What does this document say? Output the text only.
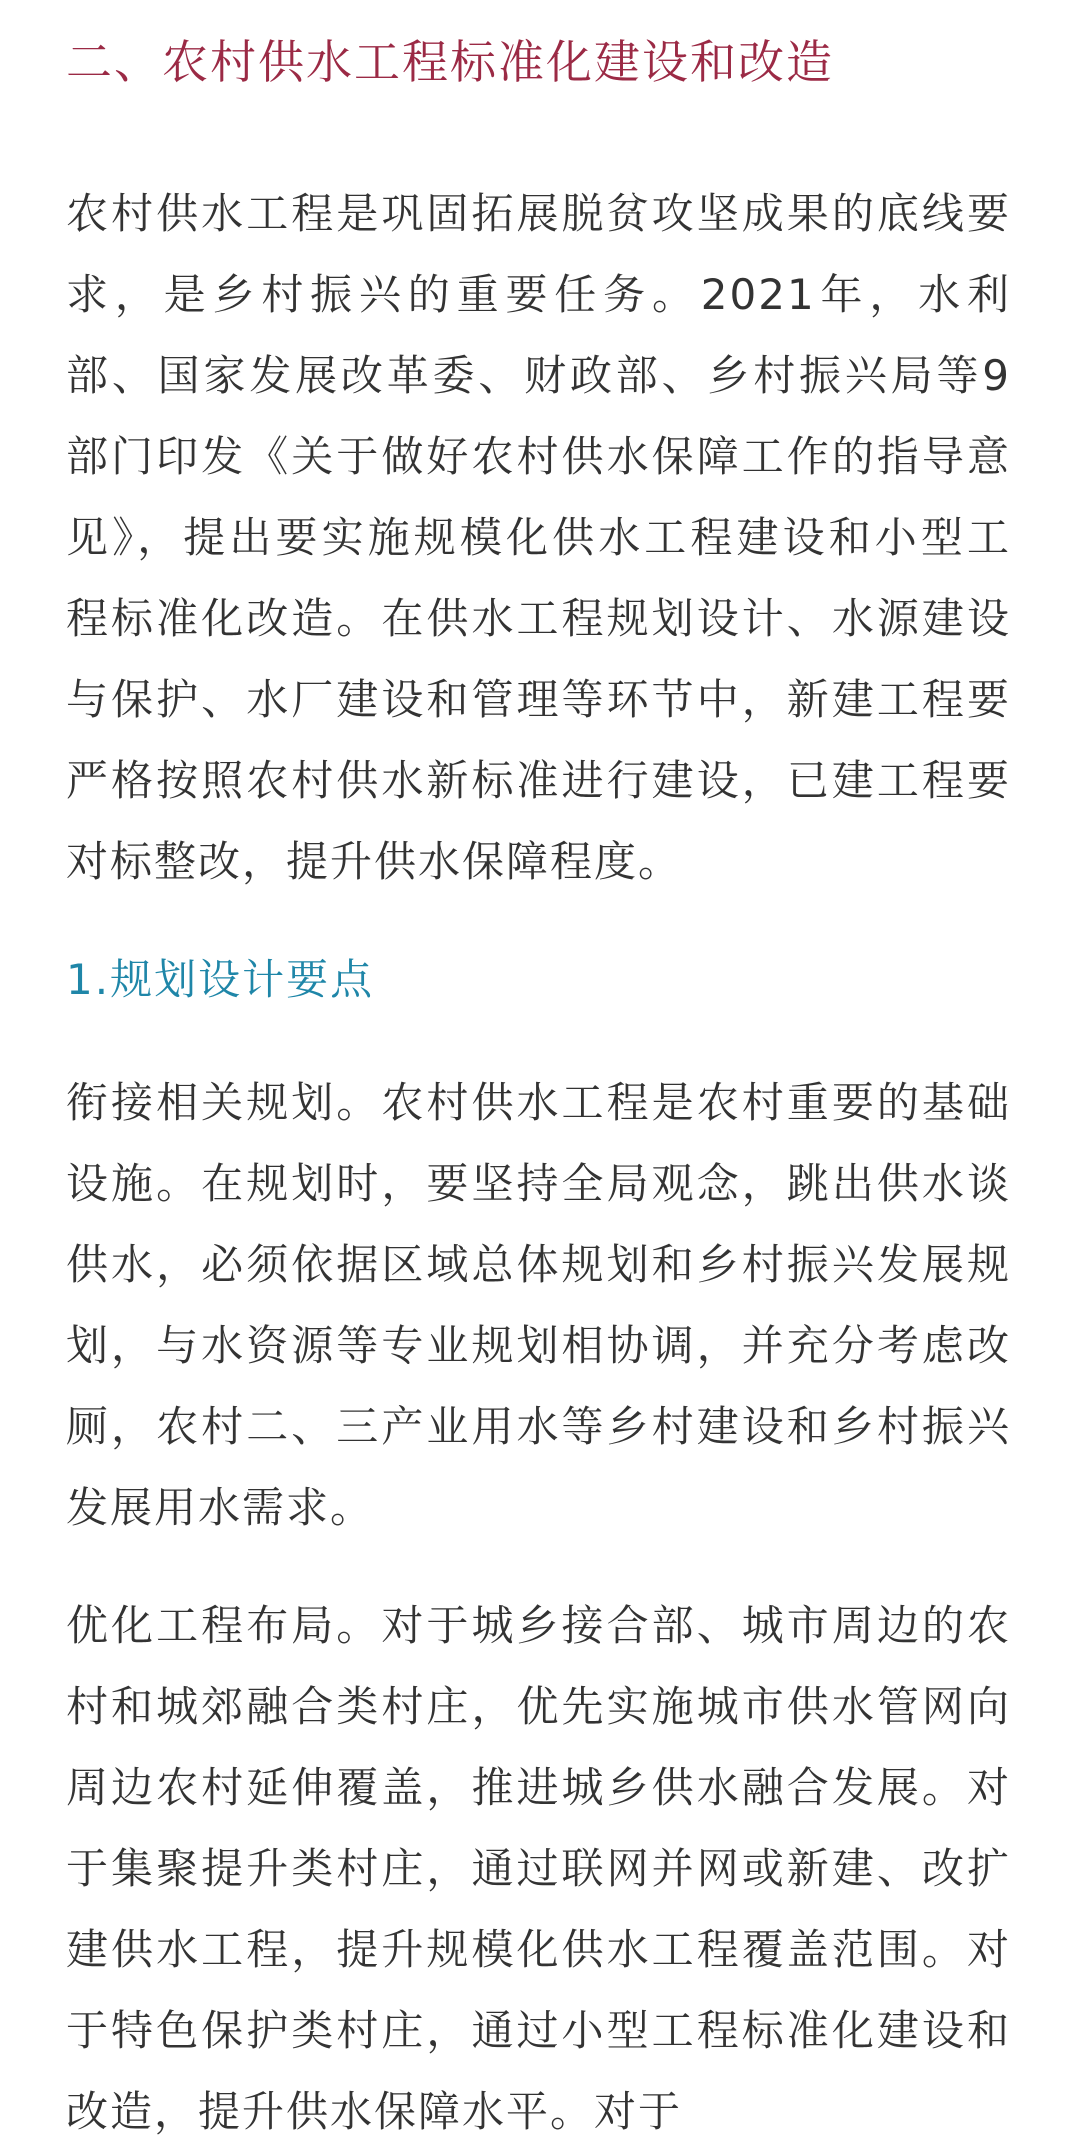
二、农村供水工程标准化建设和改造

农村供水工程是巩固拓展脱贫攻坚成果的底线要求，是乡村振兴的重要任务。2021年，水利部、国家发展改革委、财政部、乡村振兴局等9部门印发《关于做好农村供水保障工作的指导意见》，提出要实施规模化供水工程建设和小型工程标准化改造。在供水工程规划设计、水源建设与保护、水厂建设和管理等环节中，新建工程要严格按照农村供水新标准进行建设，已建工程要对标整改，提升供水保障程度。

1.规划设计要点

衔接相关规划。农村供水工程是农村重要的基础设施。在规划时，要坚持全局观念，跳出供水谈供水，必须依据区域总体规划和乡村振兴发展规划，与水资源等专业规划相协调，并充分考虑改厕，农村二、三产业用水等乡村建设和乡村振兴发展用水需求。

优化工程布局。对于城乡接合部、城市周边的农村和城郊融合类村庄，优先实施城市供水管网向周边农村延伸覆盖，推进城乡供水融合发展。对于集聚提升类村庄，通过联网并网或新建、改扩建供水工程，提升规模化供水工程覆盖范围。对于特色保护类村庄，通过小型工程标准化建设和改造，提升供水保障水平。对于
